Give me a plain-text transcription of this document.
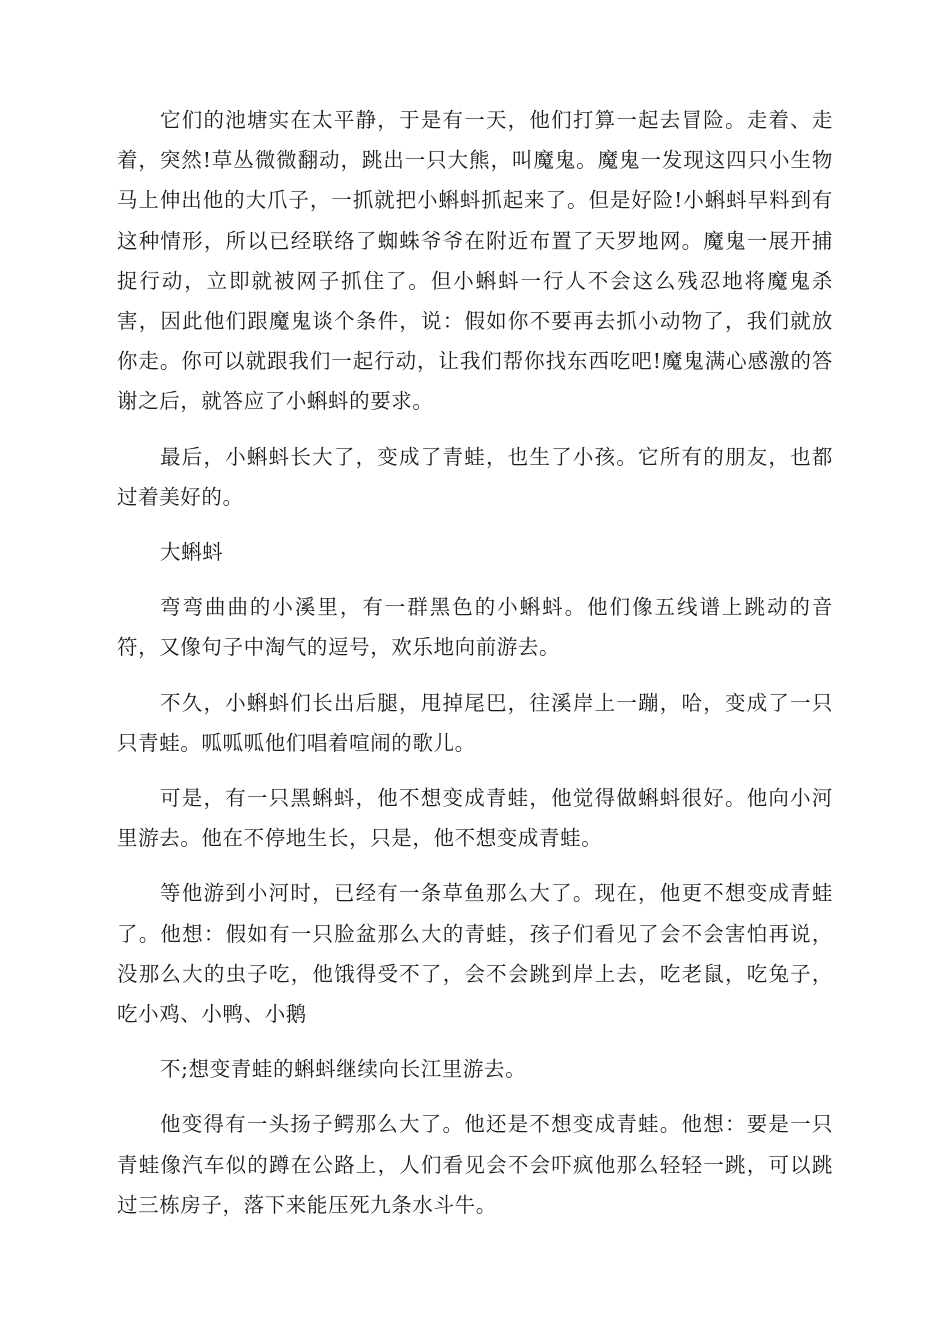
它们的池塘实在太平静，于是有一天，他们打算一起去冒险。走着、走着，突然!草丛微微翻动，跳出一只大熊，叫魔鬼。魔鬼一发现这四只小生物马上伸出他的大爪子，一抓就把小蝌蚪抓起来了。但是好险!小蝌蚪早料到有这种情形，所以已经联络了蜘蛛爷爷在附近布置了天罗地网。魔鬼一展开捕捉行动，立即就被网子抓住了。但小蝌蚪一行人不会这么残忍地将魔鬼杀害，因此他们跟魔鬼谈个条件，说：假如你不要再去抓小动物了，我们就放你走。你可以就跟我们一起行动，让我们帮你找东西吃吧!魔鬼满心感激的答谢之后，就答应了小蝌蚪的要求。

最后，小蝌蚪长大了，变成了青蛙，也生了小孩。它所有的朋友，也都过着美好的。

大蝌蚪

弯弯曲曲的小溪里，有一群黑色的小蝌蚪。他们像五线谱上跳动的音符，又像句子中淘气的逗号，欢乐地向前游去。

不久，小蝌蚪们长出后腿，甩掉尾巴，往溪岸上一蹦，哈，变成了一只只青蛙。呱呱呱他们唱着喧闹的歌儿。

可是，有一只黑蝌蚪，他不想变成青蛙，他觉得做蝌蚪很好。他向小河里游去。他在不停地生长，只是，他不想变成青蛙。

等他游到小河时，已经有一条草鱼那么大了。现在，他更不想变成青蛙了。他想：假如有一只脸盆那么大的青蛙，孩子们看见了会不会害怕再说，没那么大的虫子吃，他饿得受不了，会不会跳到岸上去，吃老鼠，吃兔子，吃小鸡、小鸭、小鹅

不;想变青蛙的蝌蚪继续向长江里游去。

他变得有一头扬子鳄那么大了。他还是不想变成青蛙。他想：要是一只青蛙像汽车似的蹲在公路上，人们看见会不会吓疯他那么轻轻一跳，可以跳过三栋房子，落下来能压死九条水斗牛。
